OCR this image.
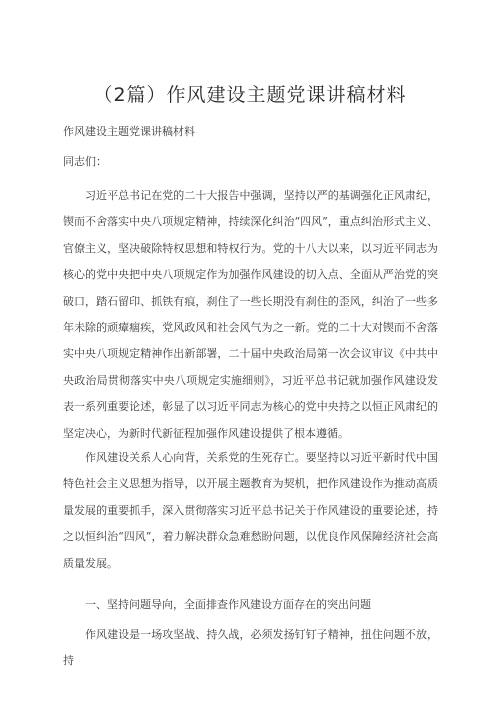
（2篇）作风建设主题党课讲稿材料
作风建设主题党课讲稿材料
同志们：
习近平总书记在党的二十大报告中强调，坚持以严的基调强化正风肃纪，锲而不舍落实中央八项规定精神，持续深化纠治“四风”，重点纠治形式主义、官僚主义，坚决破除特权思想和特权行为。党的十八大以来，以习近平同志为核心的党中央把中央八项规定作为加强作风建设的切入点、全面从严治党的突破口，踏石留印、抓铁有痕，刹住了一些长期没有刹住的歪风，纠治了一些多年未除的顽瘴痼疾，党风政风和社会风气为之一新。党的二十大对锲而不舍落实中央八项规定精神作出新部署，二十届中央政治局第一次会议审议《中共中央政治局贯彻落实中央八项规定实施细则》，习近平总书记就加强作风建设发表一系列重要论述，彰显了以习近平同志为核心的党中央持之以恒正风肃纪的坚定决心，为新时代新征程加强作风建设提供了根本遵循。
作风建设关系人心向背，关系党的生死存亡。要坚持以习近平新时代中国特色社会主义思想为指导，以开展主题教育为契机，把作风建设作为推动高质量发展的重要抓手，深入贯彻落实习近平总书记关于作风建设的重要论述，持之以恒纠治“四风”，着力解决群众急难愁盼问题，以优良作风保障经济社会高质量发展。
一、坚持问题导向，全面排查作风建设方面存在的突出问题
作风建设是一场攻坚战、持久战，必须发扬钉钉子精神，扭住问题不放，持
